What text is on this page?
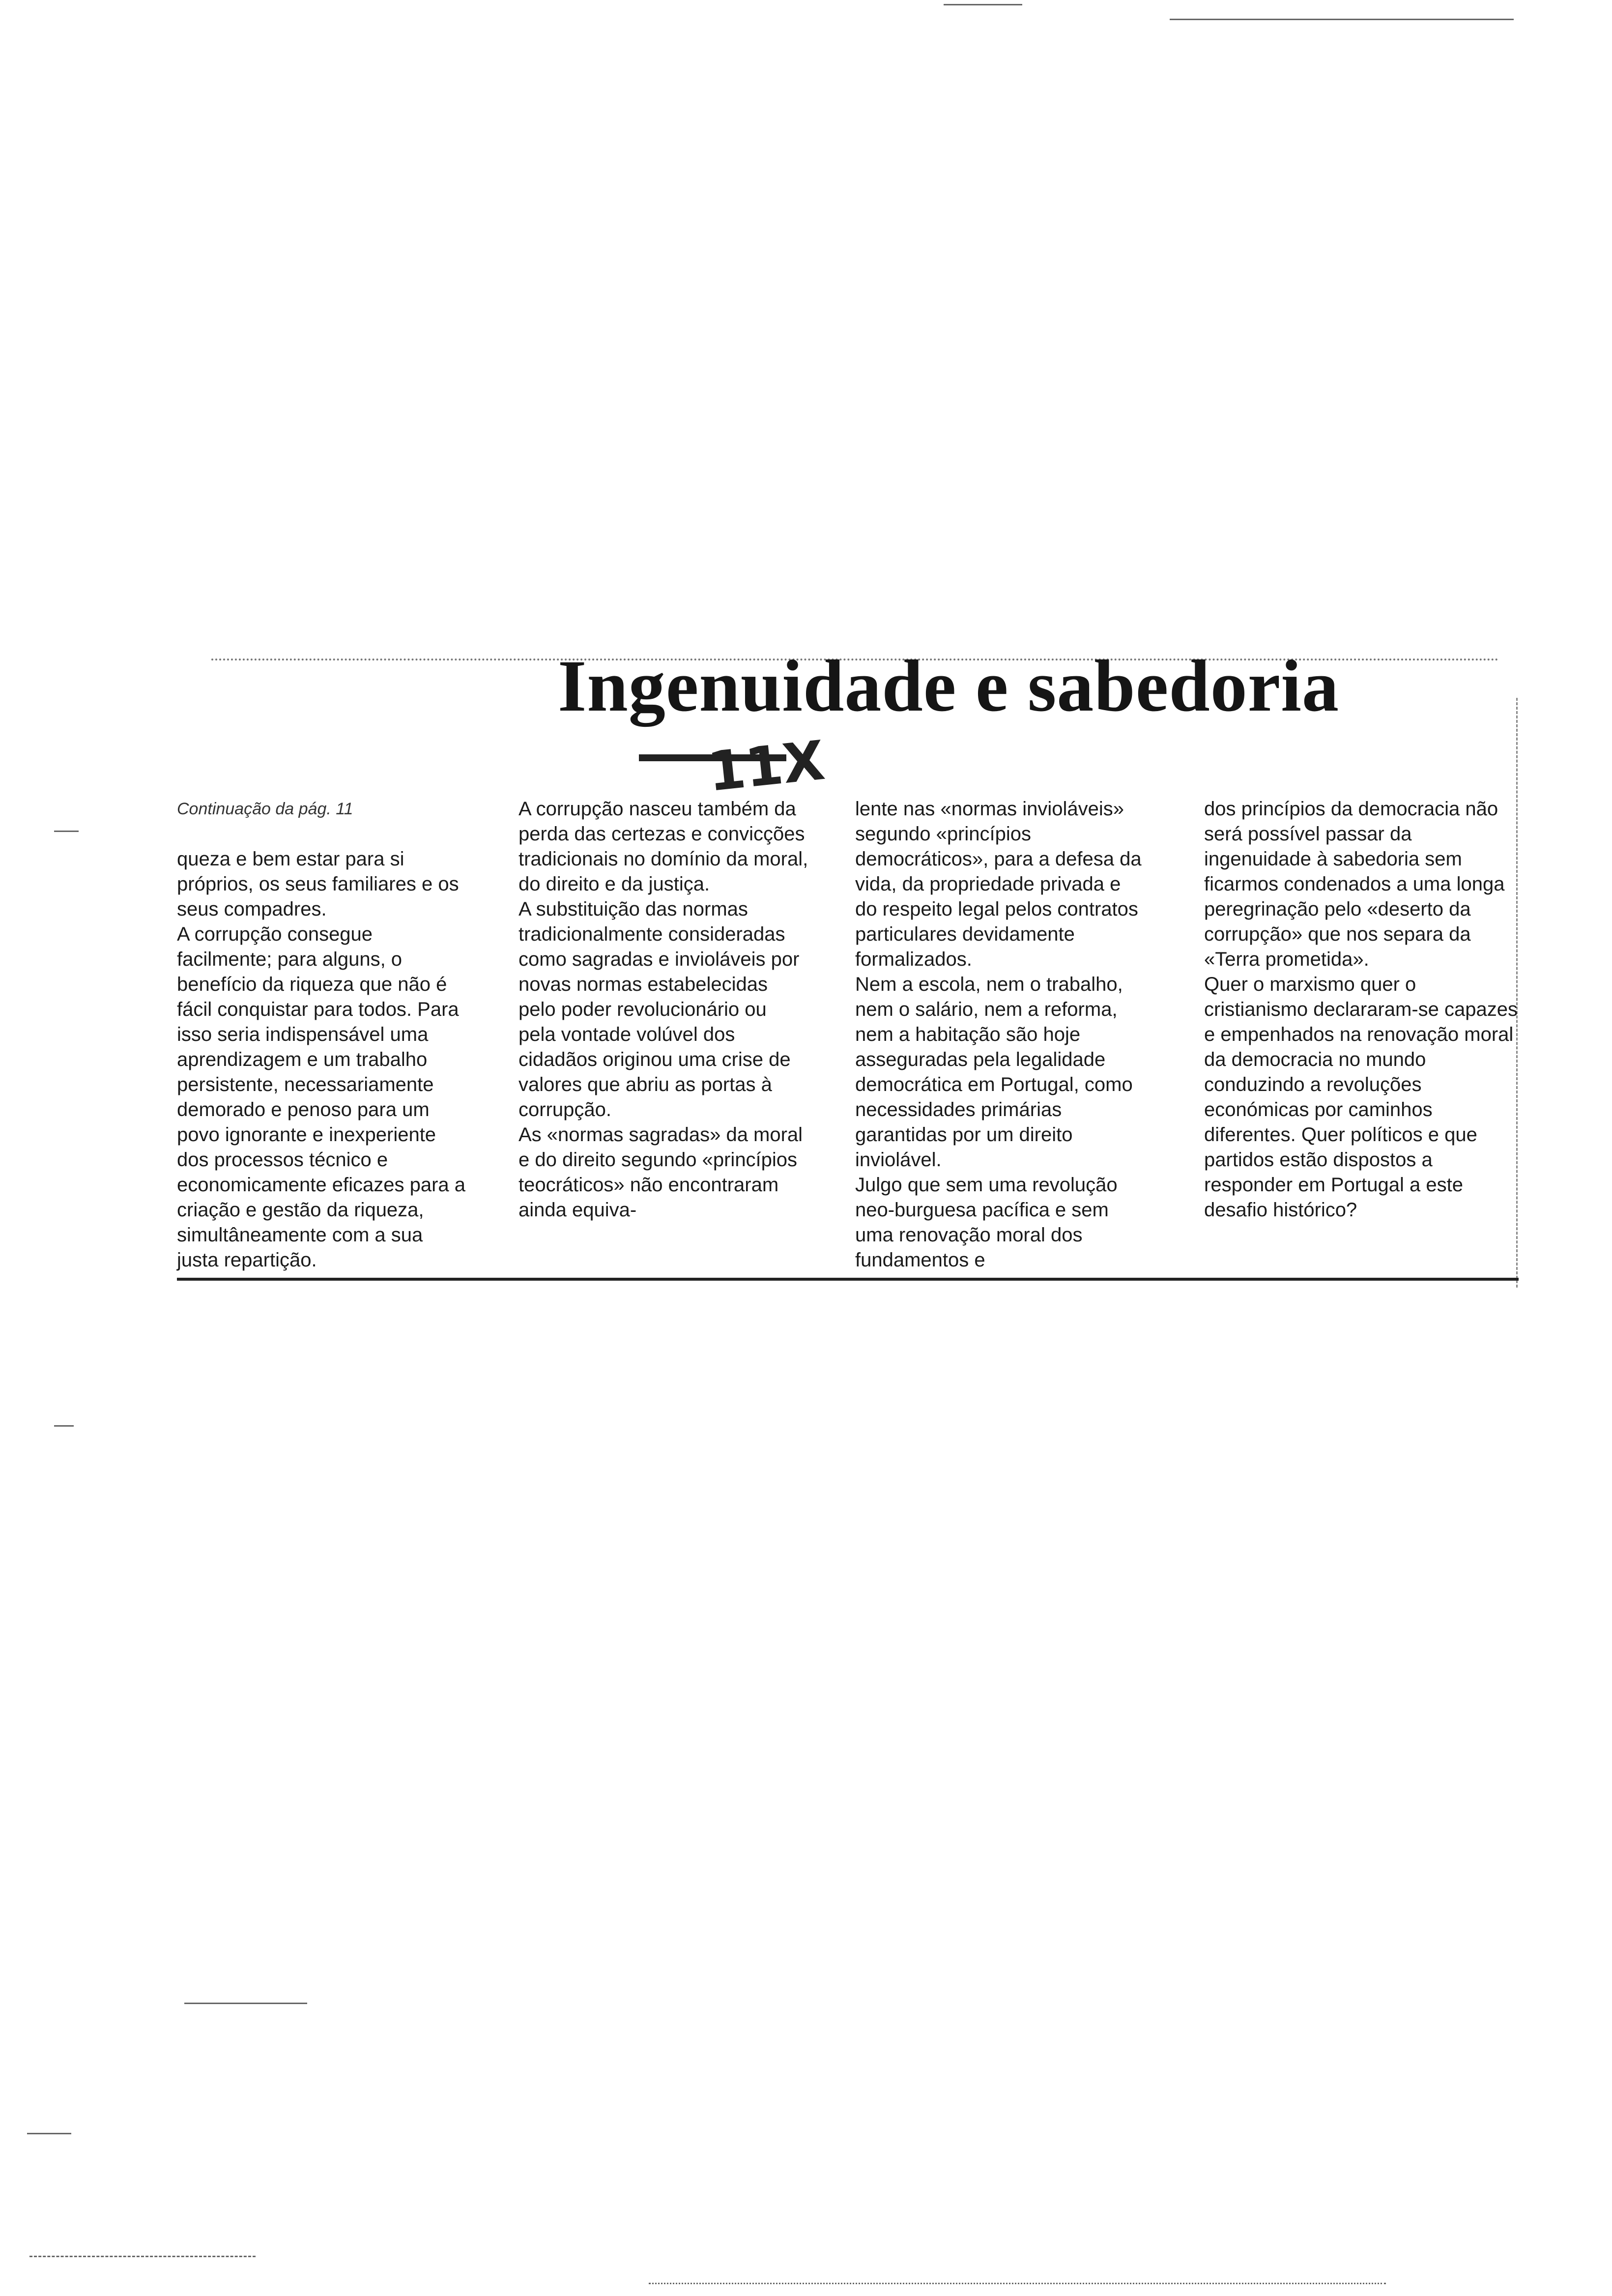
Ingenuidade e sabedoria
11X

Continuação da pág. 11

queza e bem estar para si próprios, os seus familiares e os seus compadres.
A corrupção consegue facilmente; para alguns, o benefício da riqueza que não é fácil conquistar para todos. Para isso seria indispensável uma aprendizagem e um trabalho persistente, necessariamente demorado e penoso para um povo ignorante e inexperiente dos processos técnico e economicamente eficazes para a criação e gestão da riqueza, simultâneamente com a sua justa repartição.

A corrupção nasceu também da perda das certezas e convicções tradicionais no domínio da moral, do direito e da justiça.
A substituição das normas tradicionalmente consideradas como sagradas e invioláveis por novas normas estabelecidas pelo poder revolucionário ou pela vontade volúvel dos cidadãos originou uma crise de valores que abriu as portas à corrupção.
As «normas sagradas» da moral e do direito segundo «princípios teocráticos» não encontraram ainda equiva-

lente nas «normas invioláveis» segundo «princípios democráticos», para a defesa da vida, da propriedade privada e do respeito legal pelos contratos particulares devidamente formalizados.
Nem a escola, nem o trabalho, nem o salário, nem a reforma, nem a habitação são hoje asseguradas pela legalidade democrática em Portugal, como necessidades primárias garantidas por um direito inviolável.
Julgo que sem uma revolução neo-burguesa pacífica e sem uma renovação moral dos fundamentos e

dos princípios da democracia não será possível passar da ingenuidade à sabedoria sem ficarmos condenados a uma longa peregrinação pelo «deserto da corrupção» que nos separa da «Terra prometida».
Quer o marxismo quer o cristianismo declararam-se capazes e empenhados na renovação moral da democracia no mundo conduzindo a revoluções económicas por caminhos diferentes. Quer políticos e que partidos estão dispostos a responder em Portugal a este desafio histórico?
